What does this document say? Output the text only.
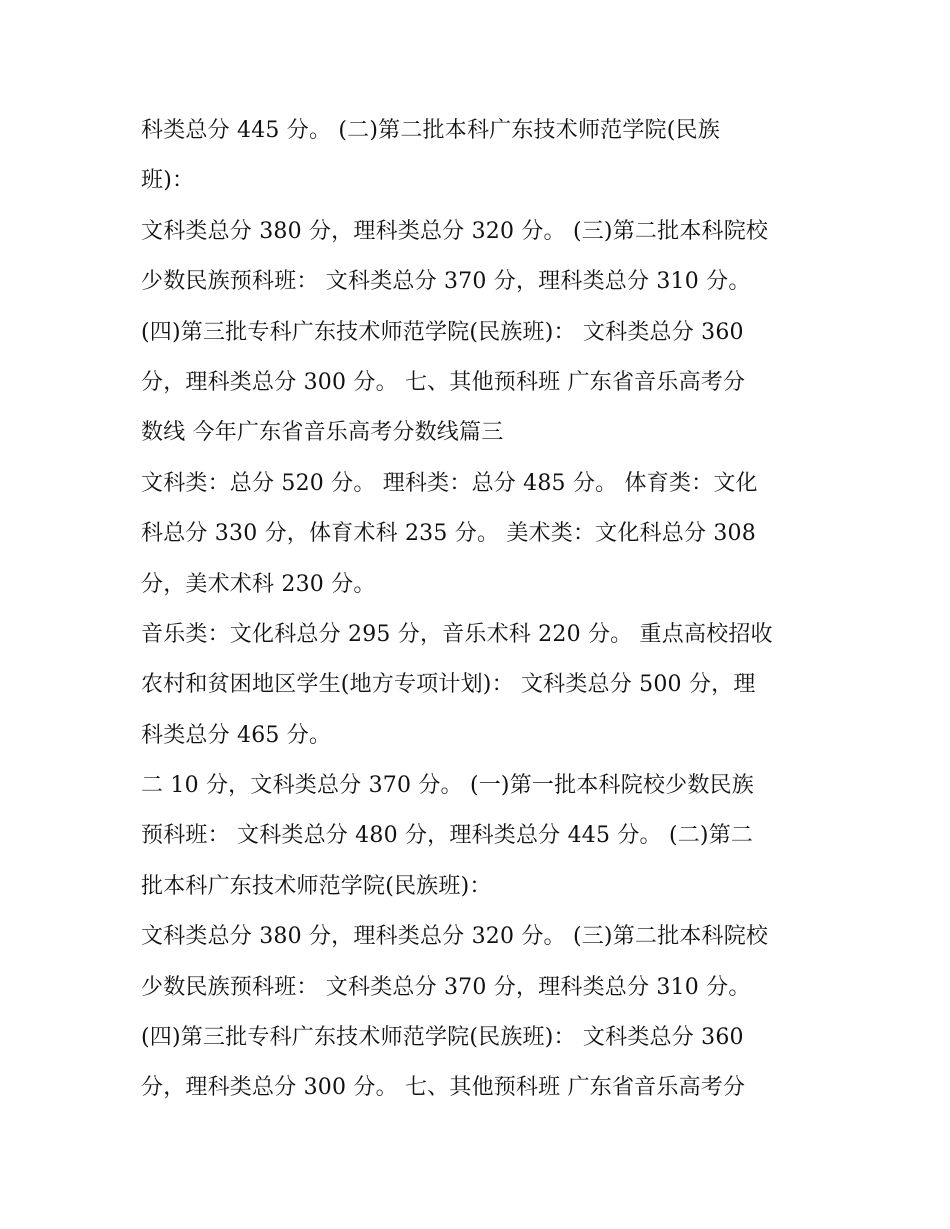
科类总分 445 分。 (二)第二批本科广东技术师范学院(民族
班)：
文科类总分 380 分，理科类总分 320 分。 (三)第二批本科院校
少数民族预科班： 文科类总分 370 分，理科类总分 310 分。
(四)第三批专科广东技术师范学院(民族班)： 文科类总分 360
分，理科类总分 300 分。 七、其他预科班 广东省音乐高考分
数线 今年广东省音乐高考分数线篇三
文科类：总分 520 分。 理科类：总分 485 分。 体育类：文化
科总分 330 分，体育术科 235 分。 美术类：文化科总分 308
分，美术术科 230 分。
音乐类：文化科总分 295 分，音乐术科 220 分。 重点高校招收
农村和贫困地区学生(地方专项计划)： 文科类总分 500 分，理
科类总分 465 分。
二 10 分，文科类总分 370 分。 (一)第一批本科院校少数民族
预科班： 文科类总分 480 分，理科类总分 445 分。 (二)第二
批本科广东技术师范学院(民族班)：
文科类总分 380 分，理科类总分 320 分。 (三)第二批本科院校
少数民族预科班： 文科类总分 370 分，理科类总分 310 分。
(四)第三批专科广东技术师范学院(民族班)： 文科类总分 360
分，理科类总分 300 分。 七、其他预科班 广东省音乐高考分
